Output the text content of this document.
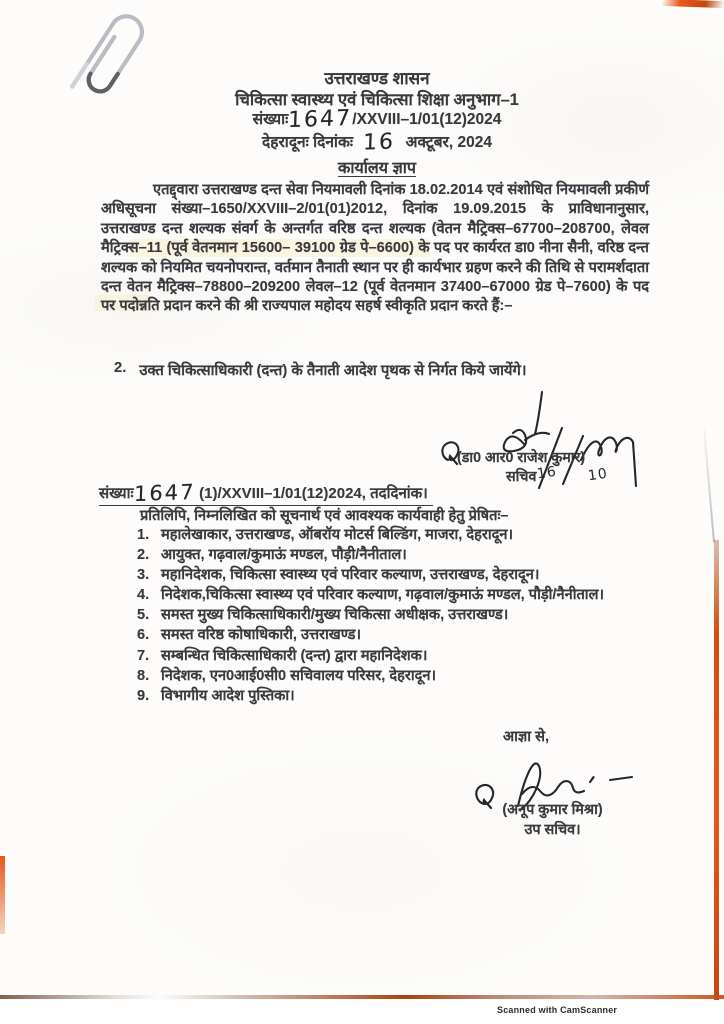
उत्तराखण्ड शासन
चिकित्सा स्वास्थ्य एवं चिकित्सा शिक्षा अनुभाग–1
संख्याः1647/XXVIII–1/01(12)2024
देहरादूनः दिनांकः 16 अक्टूबर, 2024
कार्यालय ज्ञाप
एतद्द्वारा उत्तराखण्ड दन्त सेवा नियमावली दिनांक 18.02.2014 एवं संशोधित नियमावली प्रकीर्ण अधिसूचना संख्या–1650/XXVIII–2/01(01)2012, दिनांक 19.09.2015 के प्राविधानानुसार, उत्तराखण्ड दन्त शल्यक संवर्ग के अन्तर्गत वरिष्ठ दन्त शल्यक (वेतन मैट्रिक्स–67700–208700, लेवल मैट्रिक्स–11 (पूर्व वेतनमान 15600– 39100 ग्रेड पे–6600) के पद पर कार्यरत डा0 नीना सैनी, वरिष्ठ दन्त शल्यक को नियमित चयनोपरान्त, वर्तमान तैनाती स्थान पर ही कार्यभार ग्रहण करने की तिथि से परामर्शदाता दन्त वेतन मैट्रिक्स–78800–209200 लेवल–12 (पूर्व वेतनमान 37400–67000 ग्रेड पे–7600) के पद पर पदोन्नति प्रदान करने की श्री राज्यपाल महोदय सहर्ष स्वीकृति प्रदान करते हैं:–
2. उक्त चिकित्साधिकारी (दन्त) के तैनाती आदेश पृथक से निर्गत किये जायेंगे।
(डा0 आर0 राजेश कुमार)
सचिव 16 10
संख्याः1647 (1)/XXVIII–1/01(12)2024, तददिनांक।
प्रतिलिपि, निम्नलिखित को सूचनार्थ एवं आवश्यक कार्यवाही हेतु प्रेषितः–
1. महालेखाकार, उत्तराखण्ड, ऑबरॉय मोटर्स बिल्डिंग, माजरा, देहरादून।
2. आयुक्त, गढ़वाल/कुमाऊं मण्डल, पौड़ी/नैनीताल।
3. महानिदेशक, चिकित्सा स्वास्थ्य एवं परिवार कल्याण, उत्तराखण्ड, देहरादून।
4. निदेशक,चिकित्सा स्वास्थ्य एवं परिवार कल्याण, गढ़वाल/कुमाऊं मण्डल, पौड़ी/नैनीताल।
5. समस्त मुख्य चिकित्साधिकारी/मुख्य चिकित्सा अधीक्षक, उत्तराखण्ड।
6. समस्त वरिष्ठ कोषाधिकारी, उत्तराखण्ड।
7. सम्बन्धित चिकित्साधिकारी (दन्त) द्वारा महानिदेशक।
8. निदेशक, एन0आई0सी0 सचिवालय परिसर, देहरादून।
9. विभागीय आदेश पुस्तिका।
आज्ञा से,
(अनूप कुमार मिश्रा)
उप सचिव।
Scanned with CamScanner
